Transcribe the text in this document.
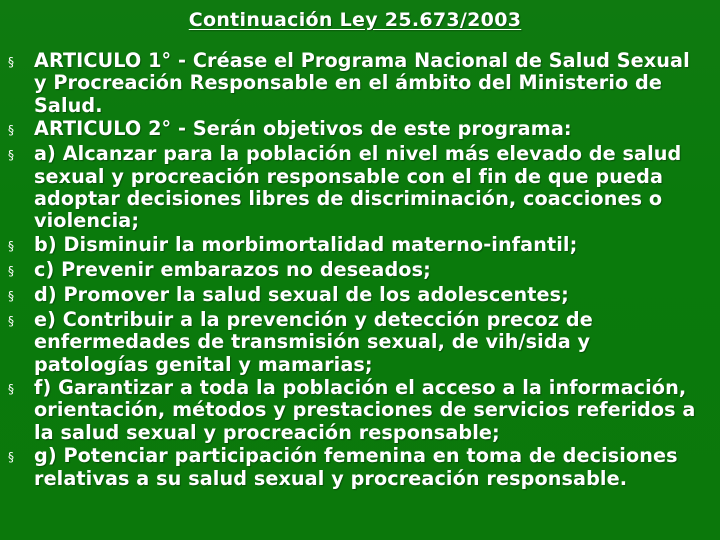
Continuación Ley 25.673/2003
§	ARTICULO 1° - Créase el Programa Nacional de Salud Sexual y Procreación Responsable en el ámbito del Ministerio de Salud.
§	ARTICULO 2° - Serán objetivos de este programa:
§	a) Alcanzar para la población el nivel más elevado de salud sexual y procreación responsable con el fin de que pueda adoptar decisiones libres de discriminación, coacciones o violencia;
§	b) Disminuir la morbimortalidad materno-infantil;
§	c) Prevenir embarazos no deseados;
§	d) Promover la salud sexual de los adolescentes;
§	e) Contribuir a la prevención y detección precoz de enfermedades de transmisión sexual, de vih/sida y patologías genital y mamarias;
§	f) Garantizar a toda la población el acceso a la información, orientación, métodos y prestaciones de servicios referidos a la salud sexual y procreación responsable;
§	g) Potenciar participación femenina en toma de decisiones relativas a su salud sexual y procreación responsable.
